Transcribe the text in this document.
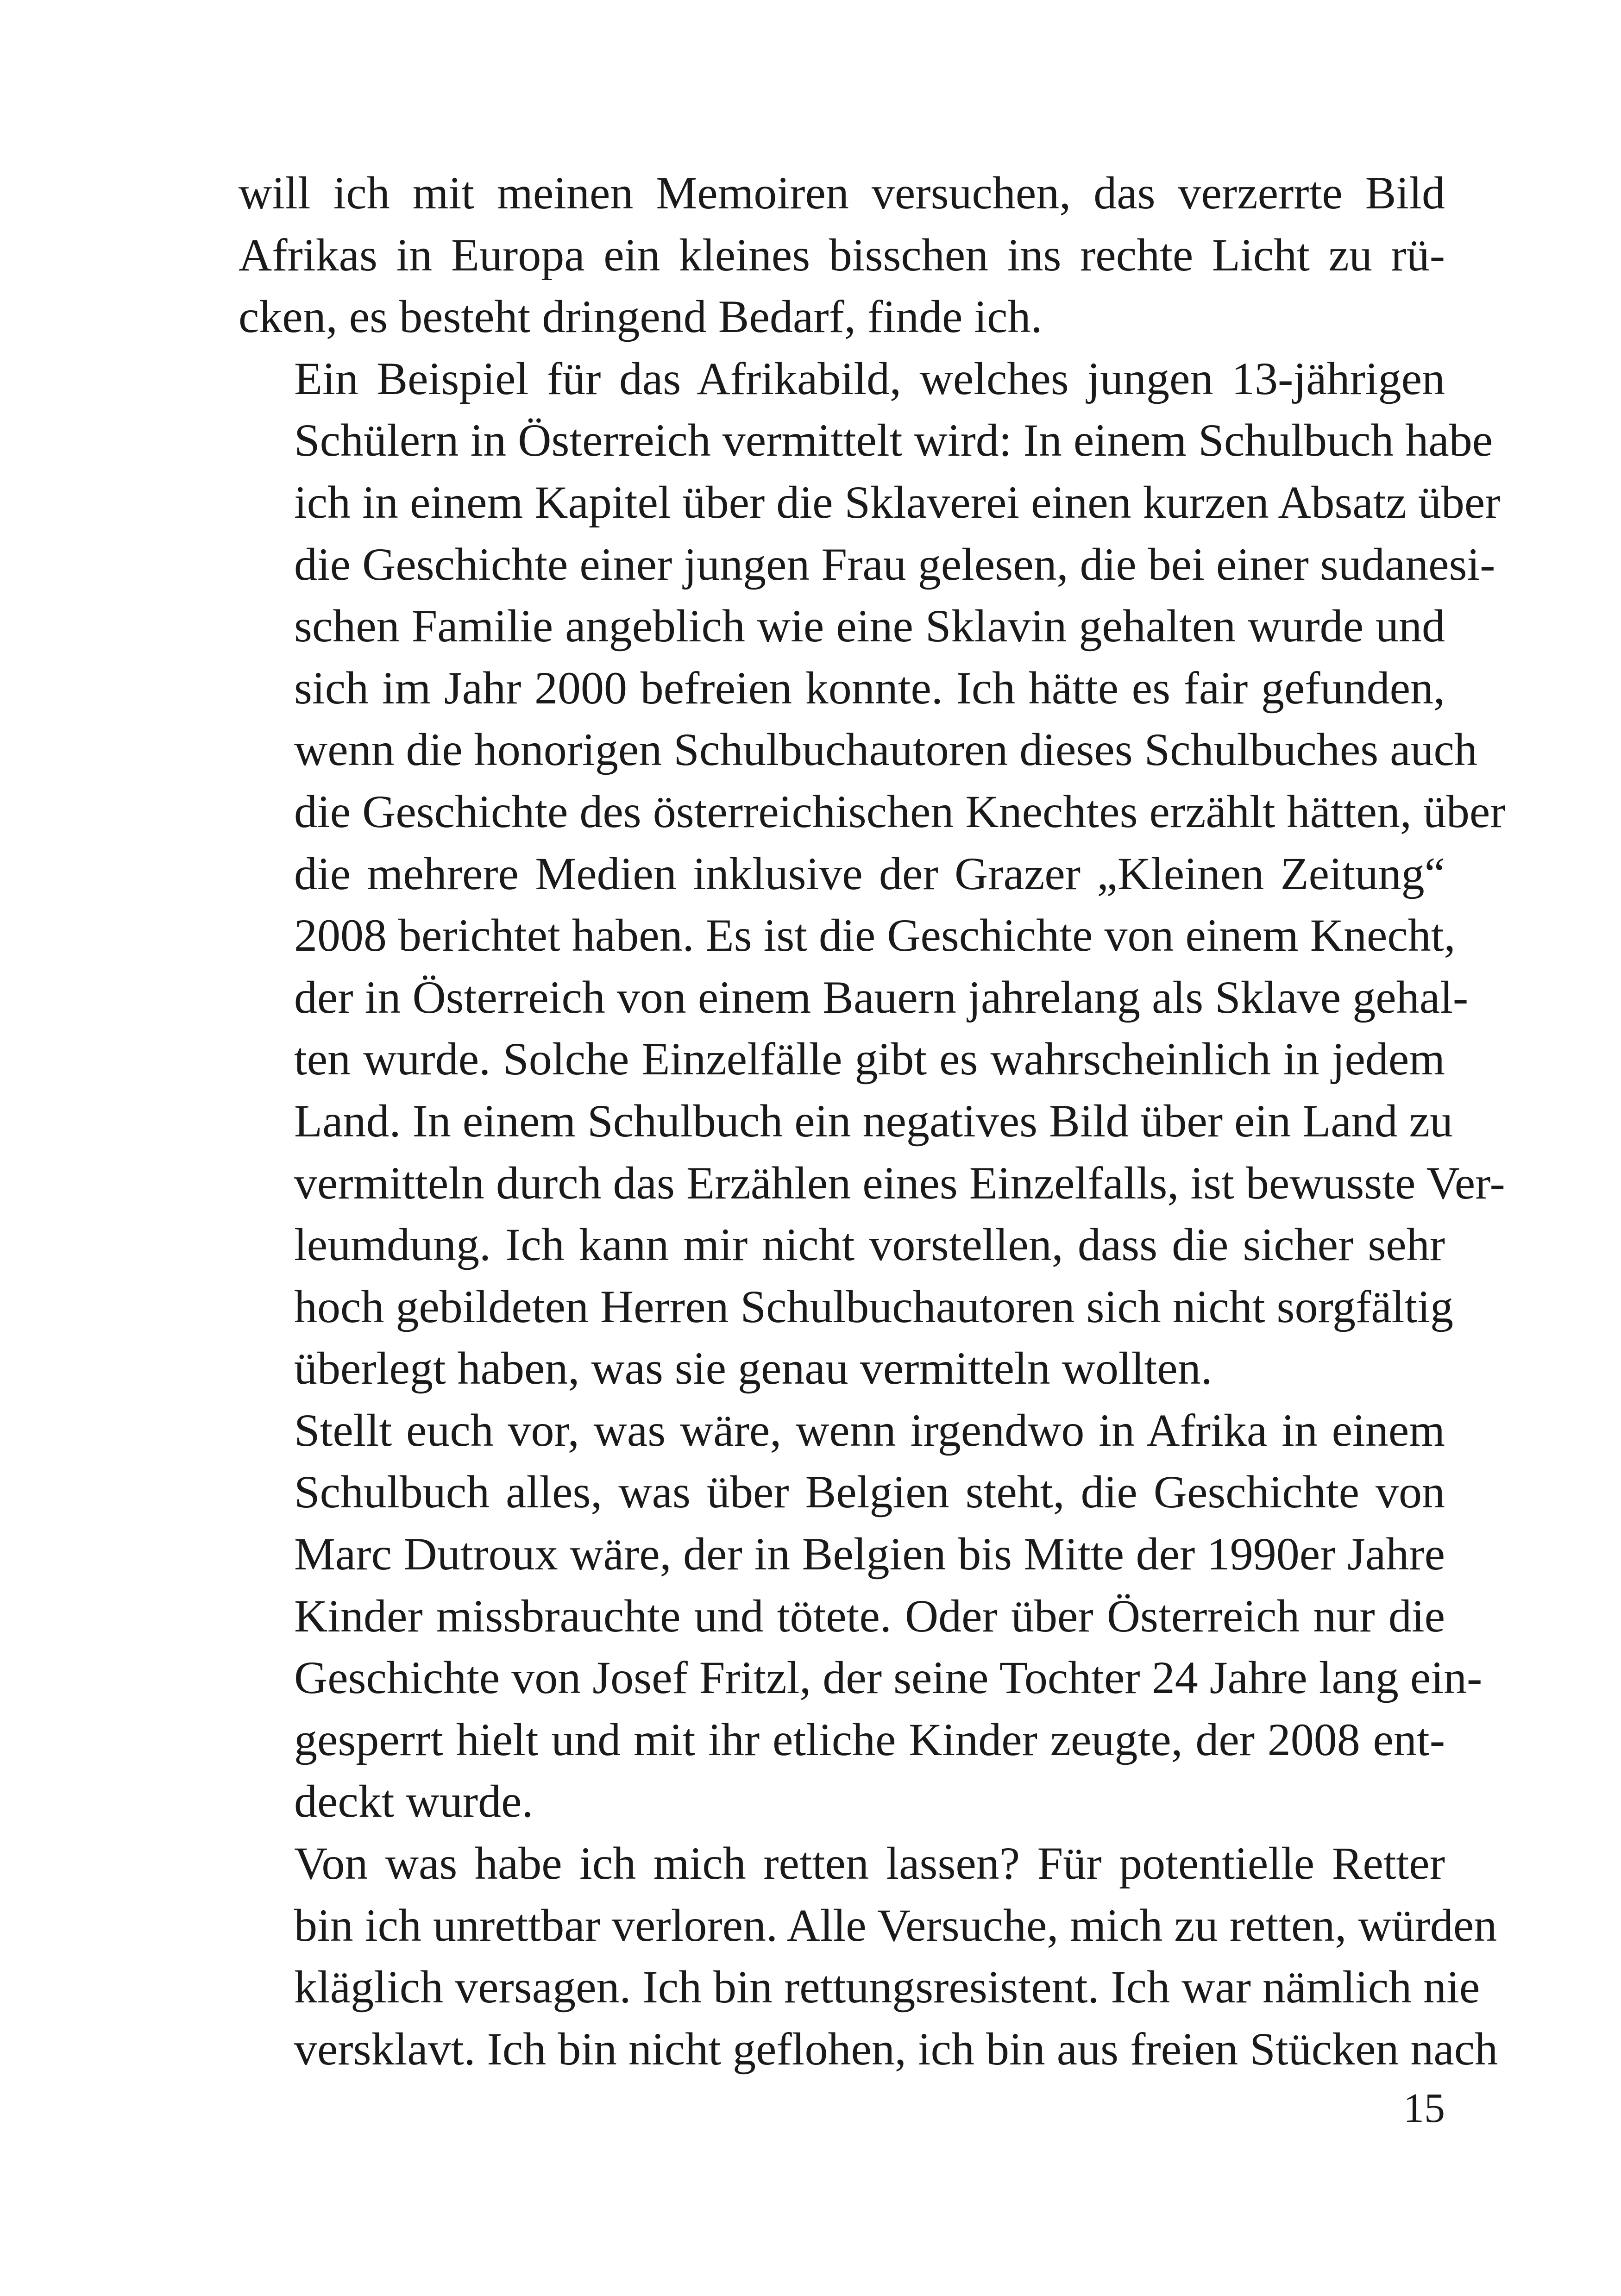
will ich mit meinen Memoiren versuchen, das verzerrte Bild
Afrikas in Europa ein kleines bisschen ins rechte Licht zu rü-
cken, es besteht dringend Bedarf, finde ich.

Ein Beispiel für das Afrikabild, welches jungen 13-jährigen
Schülern in Österreich vermittelt wird: In einem Schulbuch habe
ich in einem Kapitel über die Sklaverei einen kurzen Absatz über
die Geschichte einer jungen Frau gelesen, die bei einer sudanesi-
schen Familie angeblich wie eine Sklavin gehalten wurde und
sich im Jahr 2000 befreien konnte. Ich hätte es fair gefunden,
wenn die honorigen Schulbuchautoren dieses Schulbuches auch
die Geschichte des österreichischen Knechtes erzählt hätten, über
die mehrere Medien inklusive der Grazer „Kleinen Zeitung“
2008 berichtet haben. Es ist die Geschichte von einem Knecht,
der in Österreich von einem Bauern jahrelang als Sklave gehal-
ten wurde. Solche Einzelfälle gibt es wahrscheinlich in jedem
Land. In einem Schulbuch ein negatives Bild über ein Land zu
vermitteln durch das Erzählen eines Einzelfalls, ist bewusste Ver-
leumdung. Ich kann mir nicht vorstellen, dass die sicher sehr
hoch gebildeten Herren Schulbuchautoren sich nicht sorgfältig
überlegt haben, was sie genau vermitteln wollten.

Stellt euch vor, was wäre, wenn irgendwo in Afrika in einem
Schulbuch alles, was über Belgien steht, die Geschichte von
Marc Dutroux wäre, der in Belgien bis Mitte der 1990er Jahre
Kinder missbrauchte und tötete. Oder über Österreich nur die
Geschichte von Josef Fritzl, der seine Tochter 24 Jahre lang ein-
gesperrt hielt und mit ihr etliche Kinder zeugte, der 2008 ent-
deckt wurde.

Von was habe ich mich retten lassen? Für potentielle Retter
bin ich unrettbar verloren. Alle Versuche, mich zu retten, würden
kläglich versagen. Ich bin rettungsresistent. Ich war nämlich nie
versklavt. Ich bin nicht geflohen, ich bin aus freien Stücken nach

15
